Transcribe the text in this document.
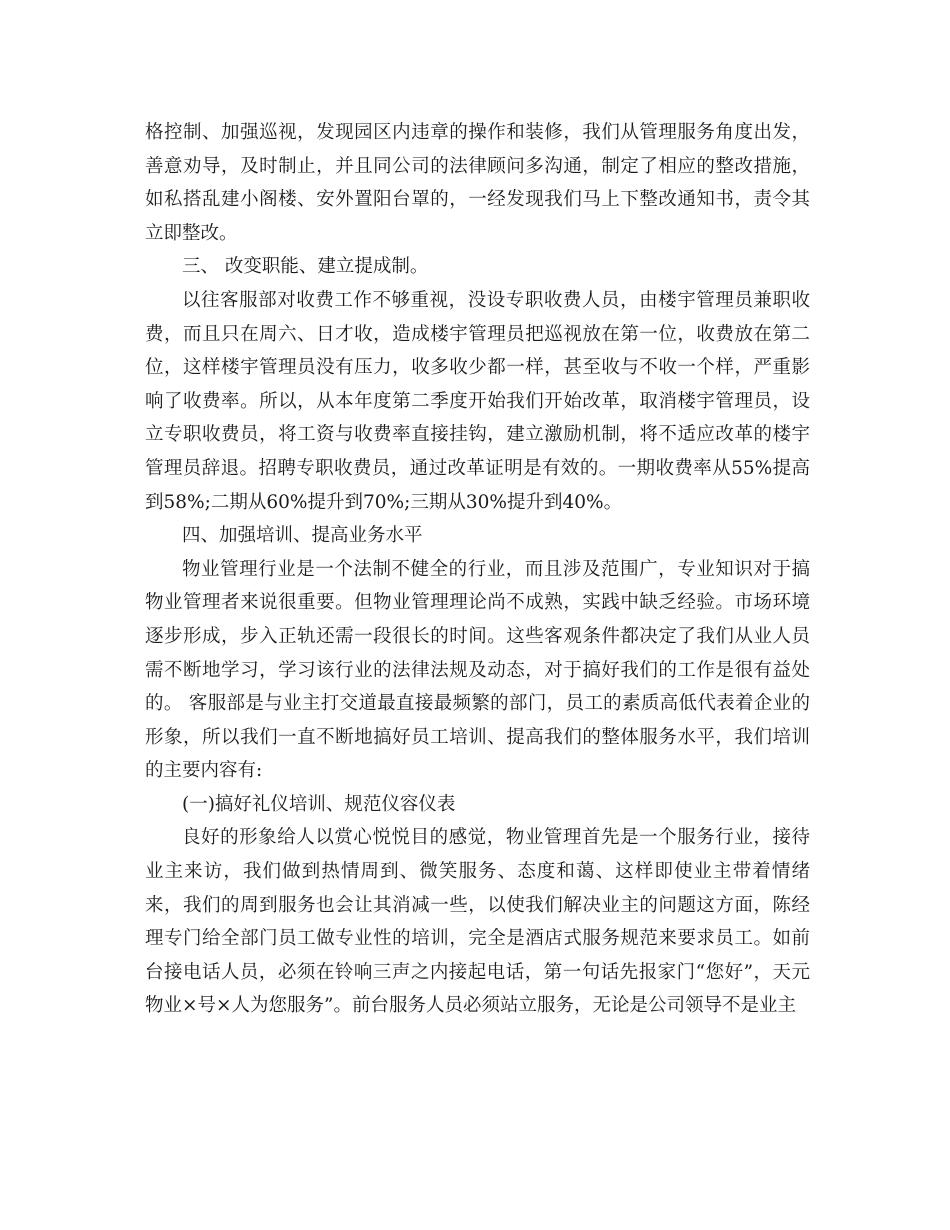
格控制、加强巡视，发现园区内违章的操作和装修，我们从管理服务角度出发，善意劝导，及时制止，并且同公司的法律顾问多沟通，制定了相应的整改措施，如私搭乱建小阁楼、安外置阳台罩的，一经发现我们马上下整改通知书，责令其立即整改。

三、 改变职能、建立提成制。

以往客服部对收费工作不够重视，没设专职收费人员，由楼宇管理员兼职收费，而且只在周六、日才收，造成楼宇管理员把巡视放在第一位，收费放在第二位，这样楼宇管理员没有压力，收多收少都一样，甚至收与不收一个样，严重影响了收费率。所以，从本年度第二季度开始我们开始改革，取消楼宇管理员，设立专职收费员，将工资与收费率直接挂钩，建立激励机制，将不适应改革的楼宇管理员辞退。招聘专职收费员，通过改革证明是有效的。一期收费率从55%提高到58%;二期从60%提升到70%;三期从30%提升到40%。

四、加强培训、提高业务水平

物业管理行业是一个法制不健全的行业，而且涉及范围广，专业知识对于搞物业管理者来说很重要。但物业管理理论尚不成熟，实践中缺乏经验。市场环境逐步形成，步入正轨还需一段很长的时间。这些客观条件都决定了我们从业人员需不断地学习，学习该行业的法律法规及动态，对于搞好我们的工作是很有益处的。 客服部是与业主打交道最直接最频繁的部门，员工的素质高低代表着企业的形象，所以我们一直不断地搞好员工培训、提高我们的整体服务水平，我们培训的主要内容有:

(一)搞好礼仪培训、规范仪容仪表

良好的形象给人以赏心悦悦目的感觉，物业管理首先是一个服务行业，接待业主来访，我们做到热情周到、微笑服务、态度和蔼、这样即使业主带着情绪来，我们的周到服务也会让其消减一些，以使我们解决业主的问题这方面，陈经理专门给全部门员工做专业性的培训，完全是酒店式服务规范来要求员工。如前台接电话人员，必须在铃响三声之内接起电话，第一句话先报家门“您好”，天元物业×号×人为您服务”。前台服务人员必须站立服务，无论是公司领导不是业主
